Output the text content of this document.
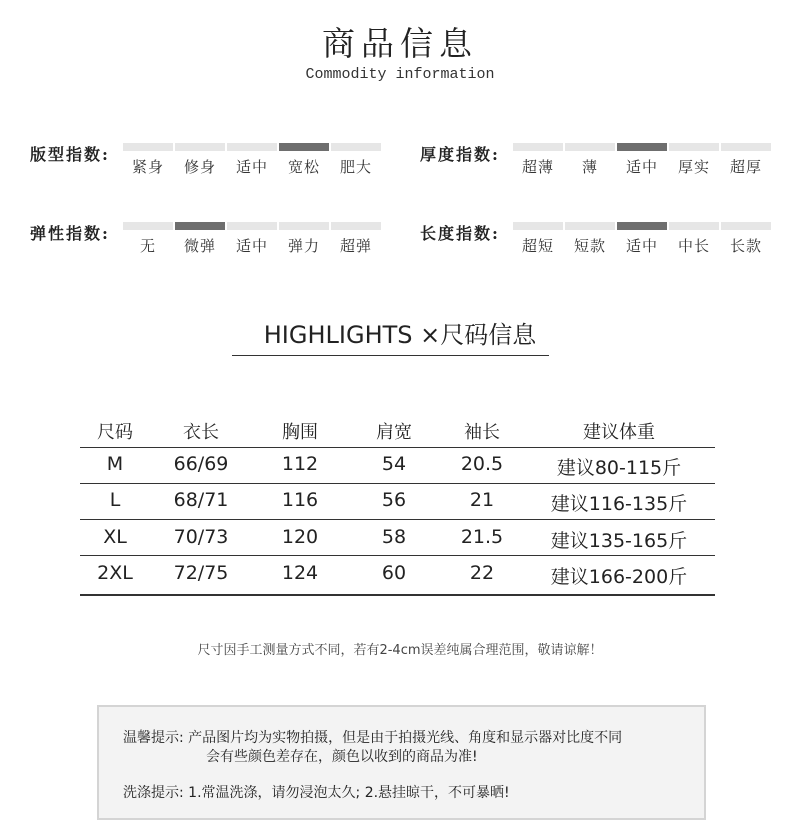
商品信息
Commodity information
版型指数:
紧身	修身	适中	宽松	肥大
厚度指数:
超薄	薄	适中	厚实	超厚
弹性指数:
无	微弹	适中	弹力	超弹
长度指数:
超短	短款	适中	中长	长款
HIGHLIGHTS ×尺码信息
尺码	衣长	胸围	肩宽	袖长	建议体重
M	66/69	112	54	20.5	建议80-115斤
L	68/71	116	56	21	建议116-135斤
XL	70/73	120	58	21.5	建议135-165斤
2XL	72/75	124	60	22	建议166-200斤
尺寸因手工测量方式不同，若有2-4cm误差纯属合理范围，敬请谅解！
温馨提示: 产品图片均为实物拍摄，但是由于拍摄光线、角度和显示器对比度不同
会有些颜色差存在，颜色以收到的商品为准!
洗涤提示: 1.常温洗涤，请勿浸泡太久; 2.悬挂晾干，不可暴晒!
